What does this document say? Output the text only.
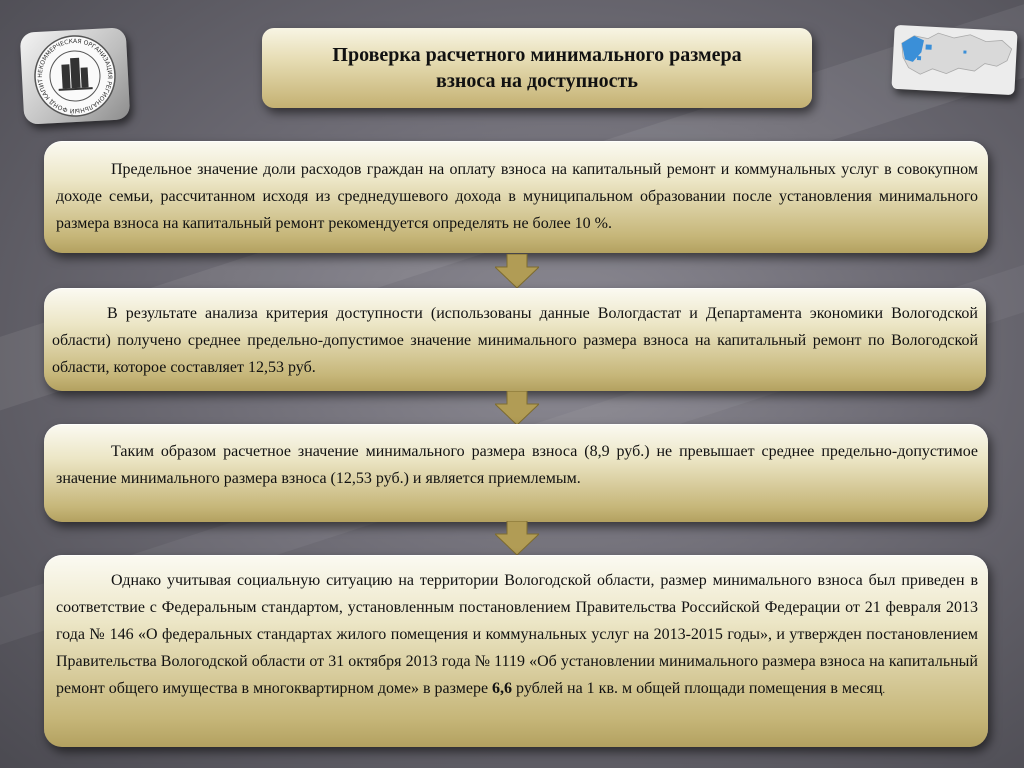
НЕКОММЕРЧЕСКАЯ ОРГАНИЗАЦИЯ РЕГИОНАЛЬНЫЙ ФОНД КАПИТАЛЬНОГО РЕМОНТА Вологда
Проверка расчетного минимального размера
взноса на доступность

Предельное значение доли расходов граждан на оплату взноса на капитальный ремонт и коммунальных услуг в совокупном доходе семьи, рассчитанном исходя из среднедушевого дохода в муниципальном образовании после установления минимального размера взноса на капитальный ремонт рекомендуется определять не более 10 %.

В результате анализа критерия доступности (использованы данные Вологдастат и Департамента экономики Вологодской области) получено среднее предельно-допустимое значение минимального размера взноса на капитальный ремонт по Вологодской области, которое составляет 12,53 руб.

Таким образом расчетное значение минимального размера взноса (8,9 руб.) не превышает среднее предельно-допустимое значение минимального размера взноса (12,53 руб.) и является приемлемым.

Однако учитывая социальную ситуацию на территории Вологодской области, размер минимального взноса был приведен в соответствие с Федеральным стандартом, установленным постановлением Правительства Российской Федерации от 21 февраля 2013 года № 146 «О федеральных стандартах жилого помещения и коммунальных услуг на 2013-2015 годы», и утвержден постановлением Правительства Вологодской области от 31 октября 2013 года № 1119 «Об установлении минимального размера взноса на капитальный ремонт общего имущества в многоквартирном доме» в размере 6,6 рублей на 1 кв. м общей площади помещения в месяц.
